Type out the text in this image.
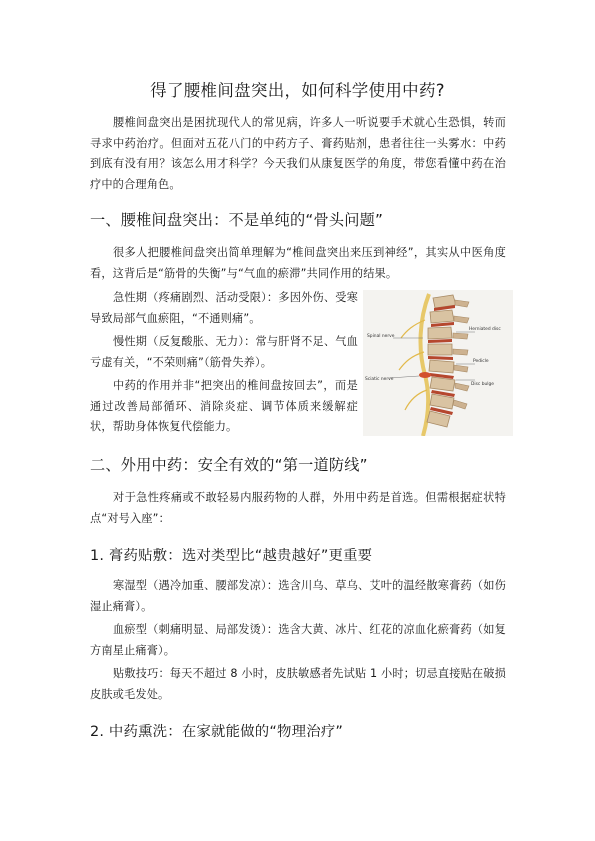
得了腰椎间盘突出，如何科学使用中药?
腰椎间盘突出是困扰现代人的常见病，许多人一听说要手术就心生恐惧，转而寻求中药治疗。但面对五花八门的中药方子、膏药贴剂，患者往往一头雾水：中药到底有没有用？该怎么用才科学？今天我们从康复医学的角度，带您看懂中药在治疗中的合理角色。
一、腰椎间盘突出：不是单纯的“骨头问题”
很多人把腰椎间盘突出简单理解为“椎间盘突出来压到神经”，其实从中医角度看，这背后是“筋骨的失衡”与“气血的瘀滞”共同作用的结果。
急性期（疼痛剧烈、活动受限）：多因外伤、受寒导致局部气血瘀阻，“不通则痛”。
慢性期（反复酸胀、无力）：常与肝肾不足、气血亏虚有关，“不荣则痛”（筋骨失养）。
中药的作用并非“把突出的椎间盘按回去”，而是通过改善局部循环、消除炎症、调节体质来缓解症状，帮助身体恢复代偿能力。
Spinal nerve
Herniated disc
Sciatic nerve
Pedicle
Disc bulge
二、外用中药：安全有效的“第一道防线”
对于急性疼痛或不敢轻易内服药物的人群，外用中药是首选。但需根据症状特点“对号入座”：
1. 膏药贴敷：选对类型比“越贵越好”更重要
寒湿型（遇冷加重、腰部发凉）：选含川乌、草乌、艾叶的温经散寒膏药（如伤湿止痛膏）。
血瘀型（刺痛明显、局部发烫）：选含大黄、冰片、红花的凉血化瘀膏药（如复方南星止痛膏）。
贴敷技巧：每天不超过 8 小时，皮肤敏感者先试贴 1 小时；切忌直接贴在破损皮肤或毛发处。
2. 中药熏洗：在家就能做的“物理治疗”
